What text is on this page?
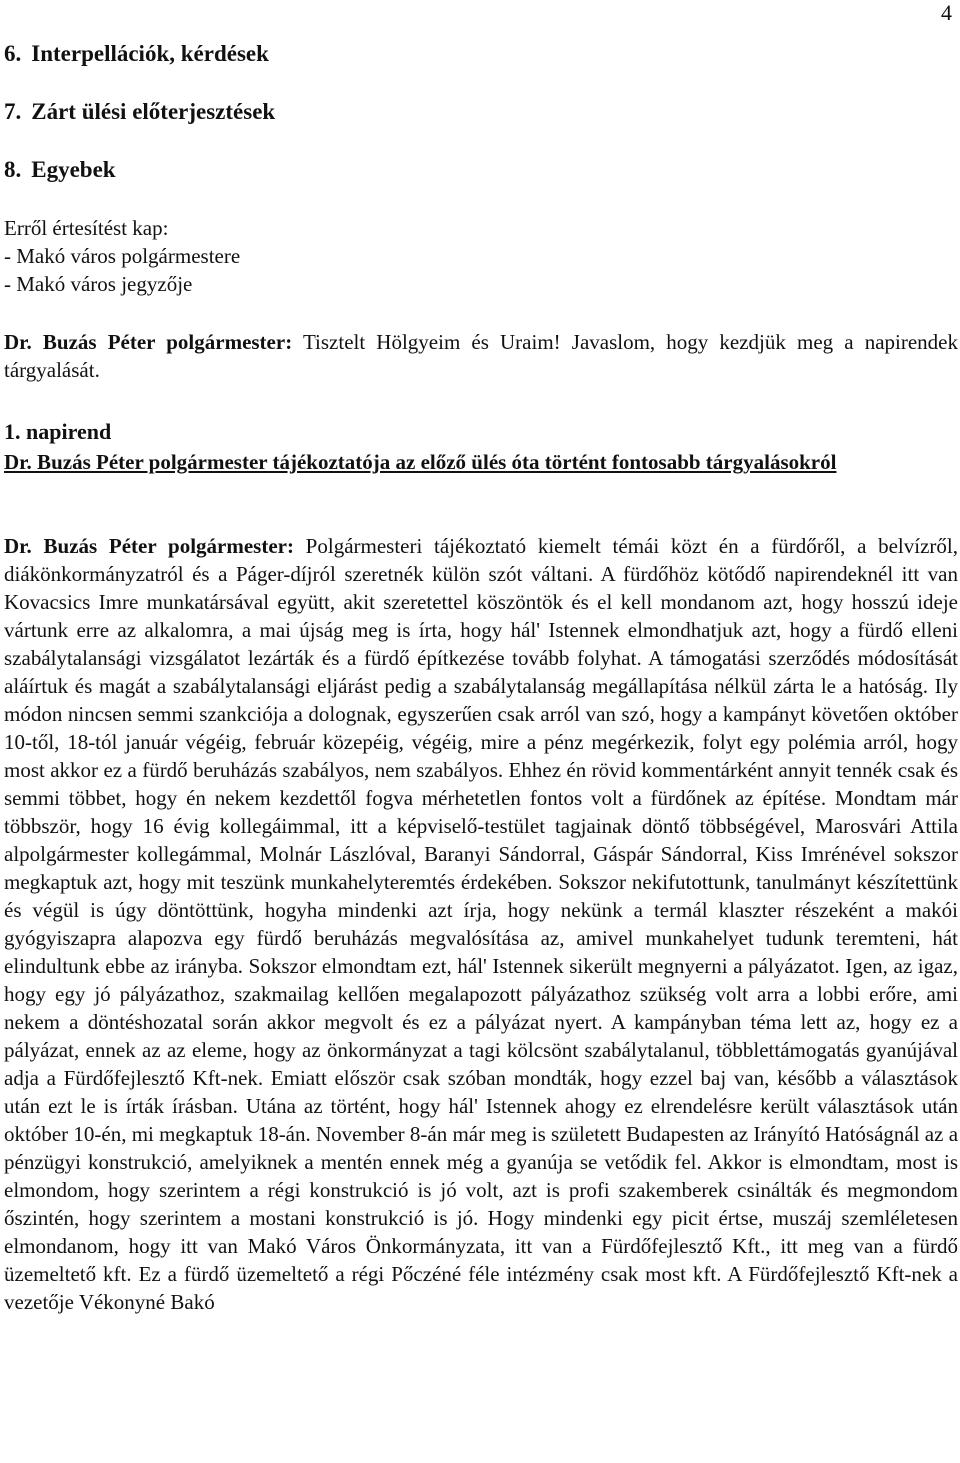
4
6. Interpellációk, kérdések
7. Zárt ülési előterjesztések
8. Egyebek
Erről értesítést kap:
- Makó város polgármestere
- Makó város jegyzője

Dr. Buzás Péter polgármester: Tisztelt Hölgyeim és Uraim! Javaslom, hogy kezdjük meg a napirendek tárgyalását.

1. napirend

Dr. Buzás Péter polgármester tájékoztatója az előző ülés óta történt fontosabb tárgyalásokról

Dr. Buzás Péter polgármester: Polgármesteri tájékoztató kiemelt témái közt én a fürdőről, a belvízről, diákönkormányzatról és a Páger-díjról szeretnék külön szót váltani. A fürdőhöz kötődő napirendeknél itt van Kovacsics Imre munkatársával együtt, akit szeretettel köszöntök és el kell mondanom azt, hogy hosszú ideje vártunk erre az alkalomra, a mai újság meg is írta, hogy hál' Istennek elmondhatjuk azt, hogy a fürdő elleni szabálytalansági vizsgálatot lezárták és a fürdő építkezése tovább folyhat. A támogatási szerződés módosítását aláírtuk és magát a szabálytalansági eljárást pedig a szabálytalanság megállapítása nélkül zárta le a hatóság. Ily módon nincsen semmi szankciója a dolognak, egyszerűen csak arról van szó, hogy a kampányt követően október 10-től, 18-tól január végéig, február közepéig, végéig, mire a pénz megérkezik, folyt egy polémia arról, hogy most akkor ez a fürdő beruházás szabályos, nem szabályos. Ehhez én rövid kommentárként annyit tennék csak és semmi többet, hogy én nekem kezdettől fogva mérhetetlen fontos volt a fürdőnek az építése. Mondtam már többször, hogy 16 évig kollegáimmal, itt a képviselő-testület tagjainak döntő többségével, Marosvári Attila alpolgármester kollegámmal, Molnár Lászlóval, Baranyi Sándorral, Gáspár Sándorral, Kiss Imrénével sokszor megkaptuk azt, hogy mit teszünk munkahelyteremtés érdekében. Sokszor nekifutottunk, tanulmányt készítettünk és végül is úgy döntöttünk, hogyha mindenki azt írja, hogy nekünk a termál klaszter részeként a makói gyógyiszapra alapozva egy fürdő beruházás megvalósítása az, amivel munkahelyet tudunk teremteni, hát elindultunk ebbe az irányba. Sokszor elmondtam ezt, hál' Istennek sikerült megnyerni a pályázatot. Igen, az igaz, hogy egy jó pályázathoz, szakmailag kellően megalapozott pályázathoz szükség volt arra a lobbi erőre, ami nekem a döntéshozatal során akkor megvolt és ez a pályázat nyert. A kampányban téma lett az, hogy ez a pályázat, ennek az az eleme, hogy az önkormányzat a tagi kölcsönt szabálytalanul, többlettámogatás gyanújával adja a Fürdőfejlesztő Kft-nek. Emiatt először csak szóban mondták, hogy ezzel baj van, később a választások után ezt le is írták írásban. Utána az történt, hogy hál' Istennek ahogy ez elrendelésre került választások után október 10-én, mi megkaptuk 18-án. November 8-án már meg is született Budapesten az Irányító Hatóságnál az a pénzügyi konstrukció, amelyiknek a mentén ennek még a gyanúja se vetődik fel. Akkor is elmondtam, most is elmondom, hogy szerintem a régi konstrukció is jó volt, azt is profi szakemberek csinálták és megmondom őszintén, hogy szerintem a mostani konstrukció is jó. Hogy mindenki egy picit értse, muszáj szemléletesen elmondanom, hogy itt van Makó Város Önkormányzata, itt van a Fürdőfejlesztő Kft., itt meg van a fürdő üzemeltető kft. Ez a fürdő üzemeltető a régi Pőczéné féle intézmény csak most kft. A Fürdőfejlesztő Kft-nek a vezetője Vékonyné Bakó
